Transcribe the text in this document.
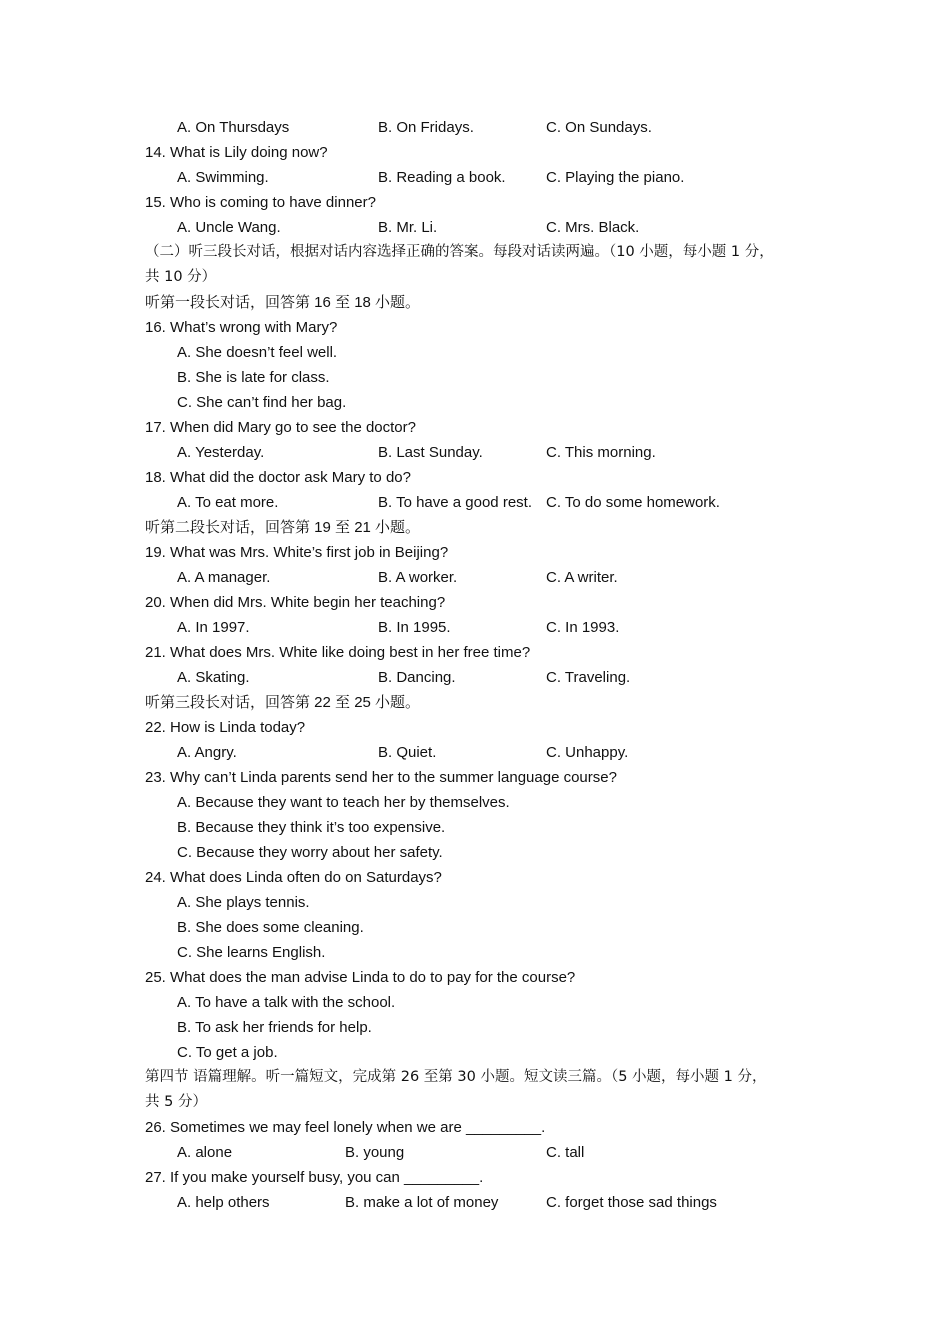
A. On Thursdays	B. On Fridays.	C. On Sundays.
14. What is Lily doing now?
A. Swimming.	B. Reading a book.	C. Playing the piano.
15. Who is coming to have dinner?
A. Uncle Wang.	B. Mr. Li.	C. Mrs. Black.
（二）听三段长对话，根据对话内容选择正确的答案。每段对话读两遍。（10 小题，每小题 1 分，
共 10 分）
听第一段长对话，回答第 16 至 18 小题。
16. What’s wrong with Mary?
A. She doesn’t feel well.
B. She is late for class.
C. She can’t find her bag.
17. When did Mary go to see the doctor?
A. Yesterday.	B. Last Sunday.	C. This morning.
18. What did the doctor ask Mary to do?
A. To eat more.	B. To have a good rest. C. To do some homework.
听第二段长对话，回答第 19 至 21 小题。
19. What was Mrs. White’s first job in Beijing?
A. A manager.	B. A worker.	C. A writer.
20. When did Mrs. White begin her teaching?
A. In 1997.	B. In 1995.	C. In 1993.
21. What does Mrs. White like doing best in her free time?
A. Skating.	B. Dancing.	C. Traveling.
听第三段长对话，回答第 22 至 25 小题。
22. How is Linda today?
A. Angry.	B. Quiet.	C. Unhappy.
23. Why can’t Linda parents send her to the summer language course?
A. Because they want to teach her by themselves.
B. Because they think it’s too expensive.
C. Because they worry about her safety.
24. What does Linda often do on Saturdays?
A. She plays tennis.
B. She does some cleaning.
C. She learns English.
25. What does the man advise Linda to do to pay for the course?
A. To have a talk with the school.
B. To ask her friends for help.
C. To get a job.
第四节 语篇理解。听一篇短文，完成第 26 至第 30 小题。短文读三篇。（5 小题，每小题 1 分，
共 5 分）
26. Sometimes we may feel lonely when we are _________.
A. alone	B. young	C. tall
27. If you make yourself busy, you can _________.
A. help others	B. make a lot of money	C. forget those sad things
